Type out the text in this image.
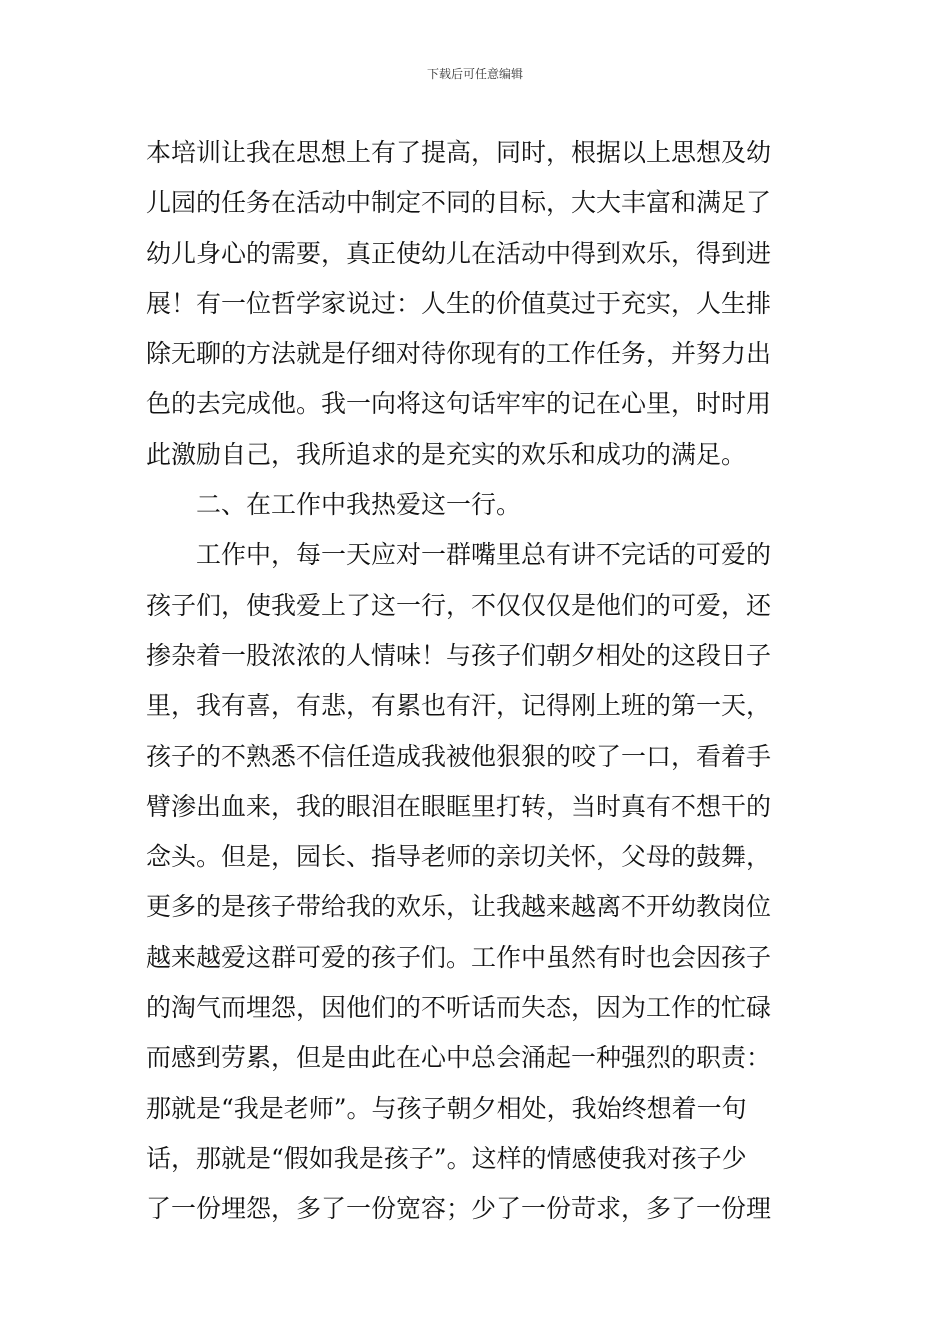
下载后可任意编辑
本培训让我在思想上有了提高，同时，根据以上思想及幼
儿园的任务在活动中制定不同的目标，大大丰富和满足了
幼儿身心的需要，真正使幼儿在活动中得到欢乐，得到进
展！有一位哲学家说过：人生的价值莫过于充实，人生排
除无聊的方法就是仔细对待你现有的工作任务，并努力出
色的去完成他。我一向将这句话牢牢的记在心里，时时用
此激励自己，我所追求的是充实的欢乐和成功的满足。
二、在工作中我热爱这一行。
工作中，每一天应对一群嘴里总有讲不完话的可爱的
孩子们，使我爱上了这一行，不仅仅仅是他们的可爱，还
掺杂着一股浓浓的人情味！与孩子们朝夕相处的这段日子
里，我有喜，有悲，有累也有汗，记得刚上班的第一天，
孩子的不熟悉不信任造成我被他狠狠的咬了一口，看着手
臂渗出血来，我的眼泪在眼眶里打转，当时真有不想干的
念头。但是，园长、指导老师的亲切关怀，父母的鼓舞，
更多的是孩子带给我的欢乐，让我越来越离不开幼教岗位
越来越爱这群可爱的孩子们。工作中虽然有时也会因孩子
的淘气而埋怨，因他们的不听话而失态，因为工作的忙碌
而感到劳累，但是由此在心中总会涌起一种强烈的职责：
那就是“我是老师”。与孩子朝夕相处，我始终想着一句
话，那就是“假如我是孩子”。这样的情感使我对孩子少
了一份埋怨，多了一份宽容；少了一份苛求，多了一份理
